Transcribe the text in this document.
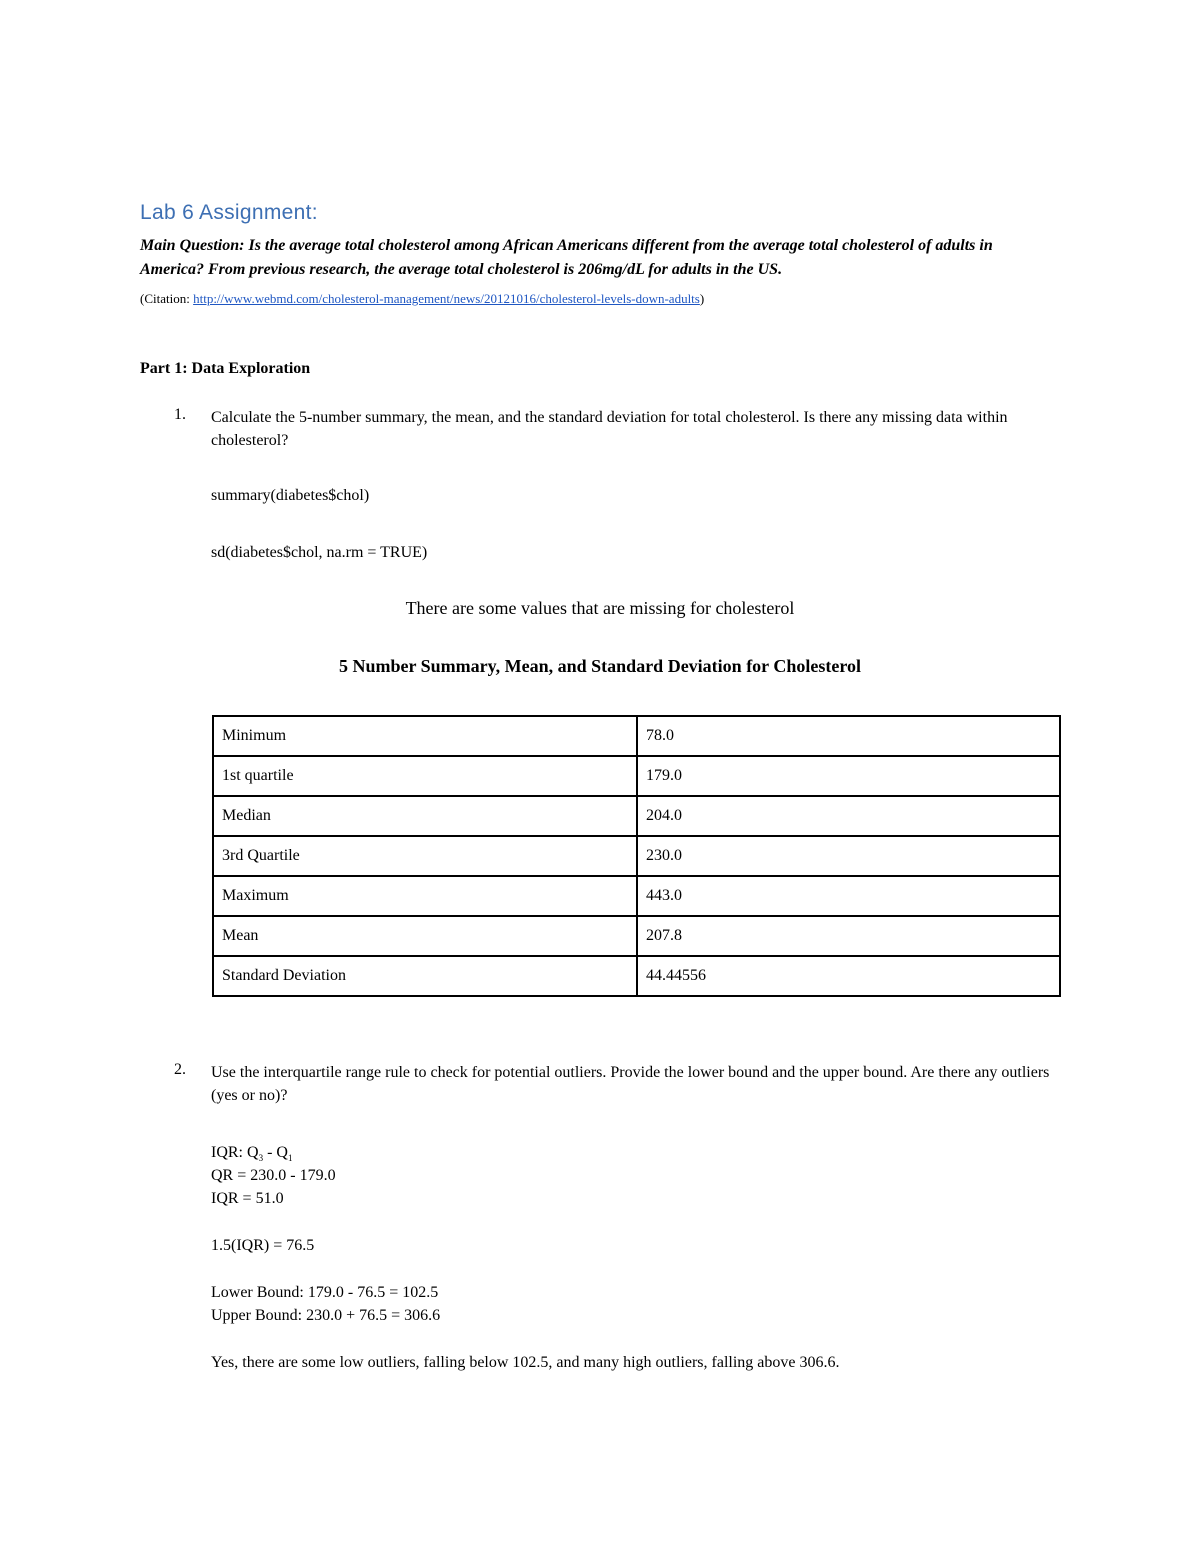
Lab 6 Assignment:
Main Question: Is the average total cholesterol among African Americans different from the average total cholesterol of adults in America? From previous research, the average total cholesterol is 206mg/dL for adults in the US.
(Citation: http://www.webmd.com/cholesterol-management/news/20121016/cholesterol-levels-down-adults)
Part 1: Data Exploration
1. Calculate the 5-number summary, the mean, and the standard deviation for total cholesterol. Is there any missing data within cholesterol?
summary(diabetes$chol)
sd(diabetes$chol, na.rm = TRUE)
There are some values that are missing for cholesterol
5 Number Summary, Mean, and Standard Deviation for Cholesterol
Minimum	78.0
1st quartile	179.0
Median	204.0
3rd Quartile	230.0
Maximum	443.0
Mean	207.8
Standard Deviation	44.44556
2. Use the interquartile range rule to check for potential outliers. Provide the lower bound and the upper bound. Are there any outliers (yes or no)?
IQR: $Q_3 - Q_1$
QR = 230.0 - 179.0
IQR = 51.0
1.5(IQR) = 76.5
Lower Bound: 179.0 - 76.5 = 102.5
Upper Bound: 230.0 + 76.5 = 306.6
Yes, there are some low outliers, falling below 102.5, and many high outliers, falling above 306.6.
